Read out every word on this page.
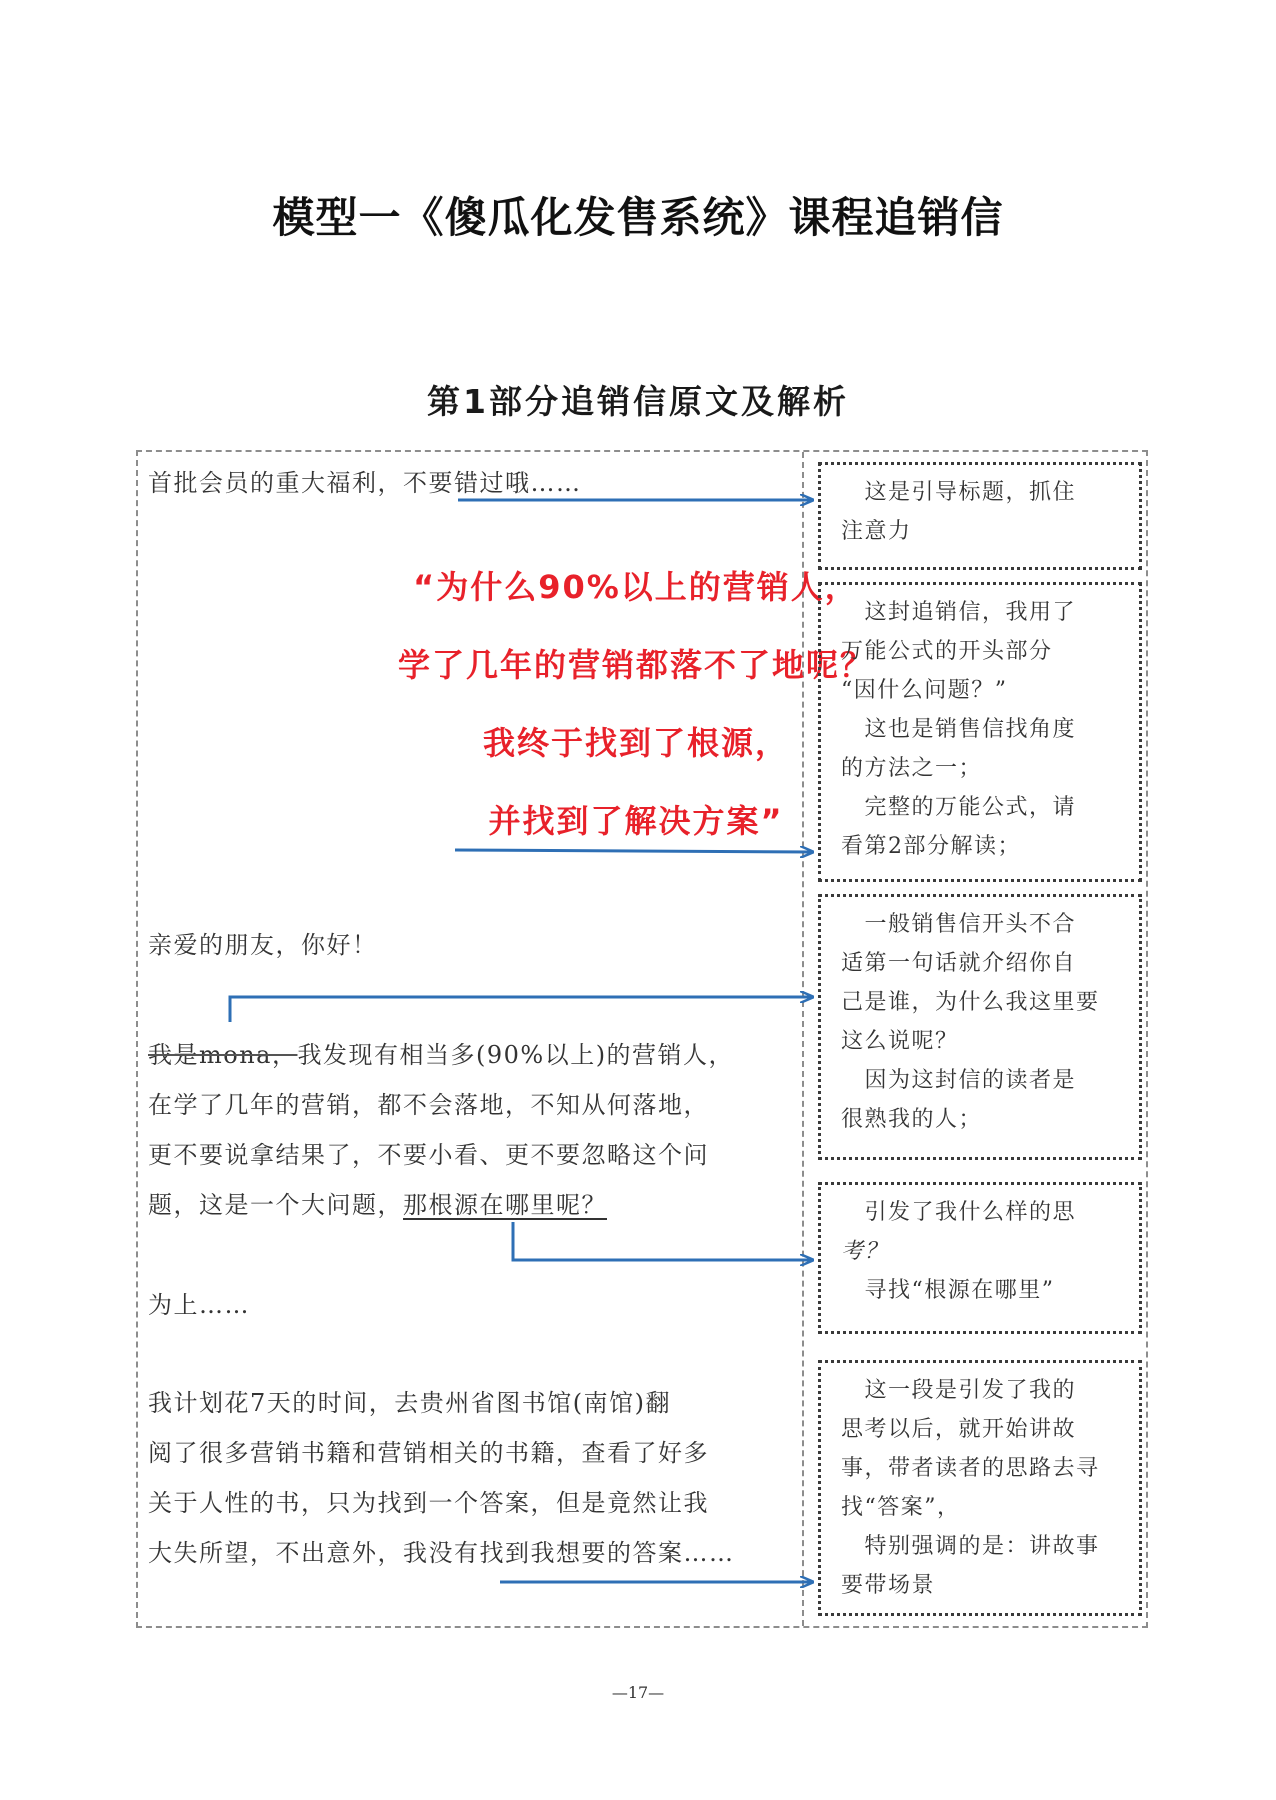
模型一《傻瓜化发售系统》课程追销信
第1部分追销信原文及解析

首批会员的重大福利，不要错过哦……

“为什么90%以上的营销人，
学了几年的营销都落不了地呢？
我终于找到了根源，
并找到了解决方案”

亲爱的朋友，你好！

我是mona，我发现有相当多(90%以上)的营销人，

在学了几年的营销，都不会落地，不知从何落地，

更不要说拿结果了，不要小看、更不要忽略这个问

题，这是一个大问题，那根源在哪里呢？

为上……

我计划花7天的时间，去贵州省图书馆(南馆)翻

阅了很多营销书籍和营销相关的书籍，查看了好多

关于人性的书，只为找到一个答案，但是竟然让我

大失所望，不出意外，我没有找到我想要的答案……

　这是引导标题，抓住

注意力

　这封追销信，我用了

万能公式的开头部分

“因什么问题？”

　这也是销售信找角度

的方法之一；

　完整的万能公式，请

看第2部分解读；

　一般销售信开头不合

适第一句话就介绍你自

己是谁，为什么我这里要

这么说呢？

　因为这封信的读者是

很熟我的人；

　引发了我什么样的思

考？

　寻找“根源在哪里”

　这一段是引发了我的

思考以后，就开始讲故

事，带者读者的思路去寻

找“答案”，

　特别强调的是：讲故事

要带场景

—17—
